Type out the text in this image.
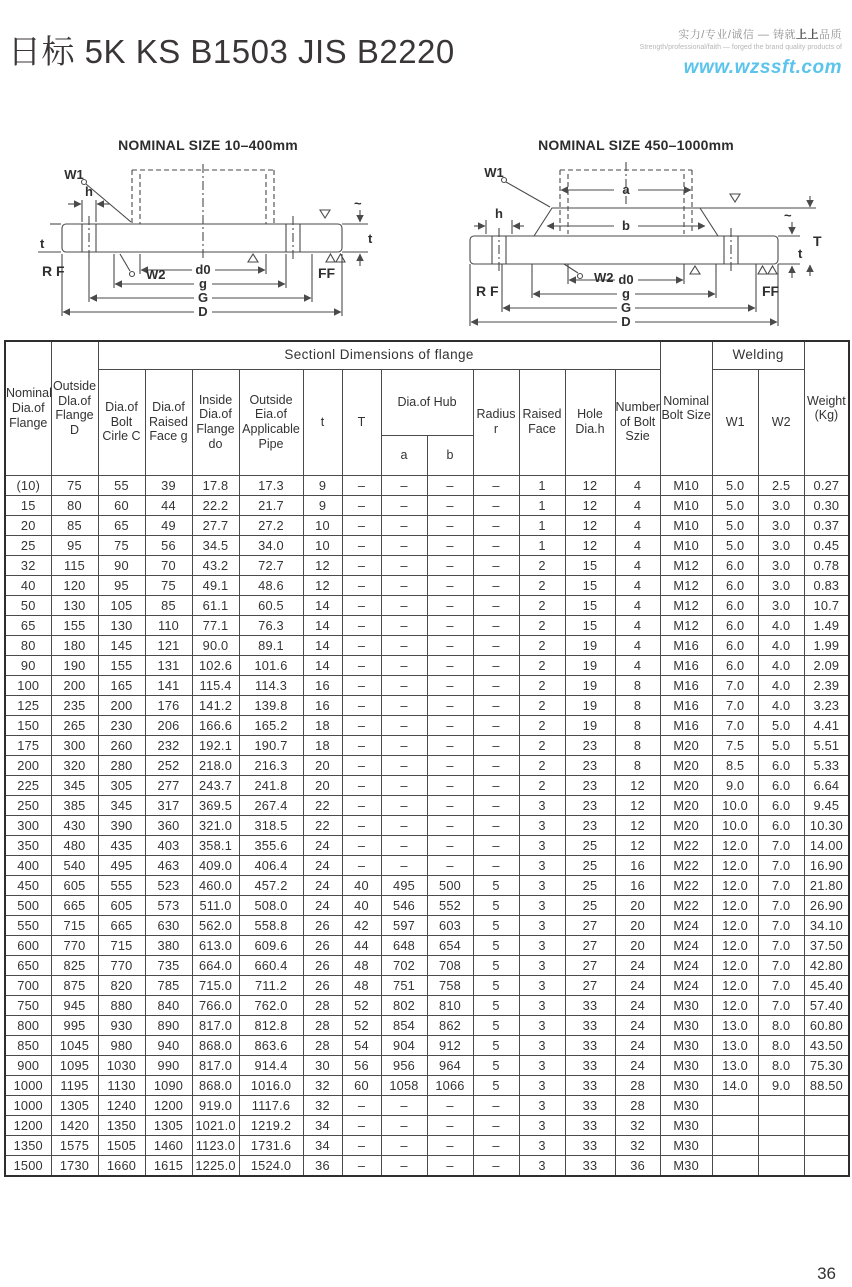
实力/专业/诚信 — 铸就上上品质
Strength/professional/faith — forged the brand quality products of
www.wzssft.com
日标 5K KS B1503 JIS B2220
NOMINAL SIZE 10–400mm
W1
h
W2
t
R F
t
~
FF
d0
g
G
D
NOMINAL SIZE 450–1000mm
W1
h
a
b
W2
R F
t
~
T
FF
d0
g
G
D
Nominal Dia.of Flange	Outside Dla.of Flange D	Sectionl Dimensions of flange												Nominal Bolt Size	Welding		Weight (Kg)
		Dia.of Bolt Cirle C	Dia.of Raised Face g	Inside Dia.of Flange do	Outside Eia.of Applicable Pipe	t	T	Dia.of Hub		Radius r	Raised Face	Hole Dia.h	Number of Bolt Szie		W1	W2	
								a	b								
(10)	75	55	39	17.8	17.3	9	–	–	–	–	1	12	4	M10	5.0	2.5	0.27
15	80	60	44	22.2	21.7	9	–	–	–	–	1	12	4	M10	5.0	3.0	0.30
20	85	65	49	27.7	27.2	10	–	–	–	–	1	12	4	M10	5.0	3.0	0.37
25	95	75	56	34.5	34.0	10	–	–	–	–	1	12	4	M10	5.0	3.0	0.45
32	115	90	70	43.2	72.7	12	–	–	–	–	2	15	4	M12	6.0	3.0	0.78
40	120	95	75	49.1	48.6	12	–	–	–	–	2	15	4	M12	6.0	3.0	0.83
50	130	105	85	61.1	60.5	14	–	–	–	–	2	15	4	M12	6.0	3.0	10.7
65	155	130	110	77.1	76.3	14	–	–	–	–	2	15	4	M12	6.0	4.0	1.49
80	180	145	121	90.0	89.1	14	–	–	–	–	2	19	4	M16	6.0	4.0	1.99
90	190	155	131	102.6	101.6	14	–	–	–	–	2	19	4	M16	6.0	4.0	2.09
100	200	165	141	115.4	114.3	16	–	–	–	–	2	19	8	M16	7.0	4.0	2.39
125	235	200	176	141.2	139.8	16	–	–	–	–	2	19	8	M16	7.0	4.0	3.23
150	265	230	206	166.6	165.2	18	–	–	–	–	2	19	8	M16	7.0	5.0	4.41
175	300	260	232	192.1	190.7	18	–	–	–	–	2	23	8	M20	7.5	5.0	5.51
200	320	280	252	218.0	216.3	20	–	–	–	–	2	23	8	M20	8.5	6.0	5.33
225	345	305	277	243.7	241.8	20	–	–	–	–	2	23	12	M20	9.0	6.0	6.64
250	385	345	317	369.5	267.4	22	–	–	–	–	3	23	12	M20	10.0	6.0	9.45
300	430	390	360	321.0	318.5	22	–	–	–	–	3	23	12	M20	10.0	6.0	10.30
350	480	435	403	358.1	355.6	24	–	–	–	–	3	25	12	M22	12.0	7.0	14.00
400	540	495	463	409.0	406.4	24	–	–	–	–	3	25	16	M22	12.0	7.0	16.90
450	605	555	523	460.0	457.2	24	40	495	500	5	3	25	16	M22	12.0	7.0	21.80
500	665	605	573	511.0	508.0	24	40	546	552	5	3	25	20	M22	12.0	7.0	26.90
550	715	665	630	562.0	558.8	26	42	597	603	5	3	27	20	M24	12.0	7.0	34.10
600	770	715	380	613.0	609.6	26	44	648	654	5	3	27	20	M24	12.0	7.0	37.50
650	825	770	735	664.0	660.4	26	48	702	708	5	3	27	24	M24	12.0	7.0	42.80
700	875	820	785	715.0	711.2	26	48	751	758	5	3	27	24	M24	12.0	7.0	45.40
750	945	880	840	766.0	762.0	28	52	802	810	5	3	33	24	M30	12.0	7.0	57.40
800	995	930	890	817.0	812.8	28	52	854	862	5	3	33	24	M30	13.0	8.0	60.80
850	1045	980	940	868.0	863.6	28	54	904	912	5	3	33	24	M30	13.0	8.0	43.50
900	1095	1030	990	817.0	914.4	30	56	956	964	5	3	33	24	M30	13.0	8.0	75.30
1000	1195	1130	1090	868.0	1016.0	32	60	1058	1066	5	3	33	28	M30	14.0	9.0	88.50
1000	1305	1240	1200	919.0	1117.6	32	–	–	–	–	3	33	28	M30			
1200	1420	1350	1305	1021.0	1219.2	34	–	–	–	–	3	33	32	M30			
1350	1575	1505	1460	1123.0	1731.6	34	–	–	–	–	3	33	32	M30			
1500	1730	1660	1615	1225.0	1524.0	36	–	–	–	–	3	33	36	M30			
36
